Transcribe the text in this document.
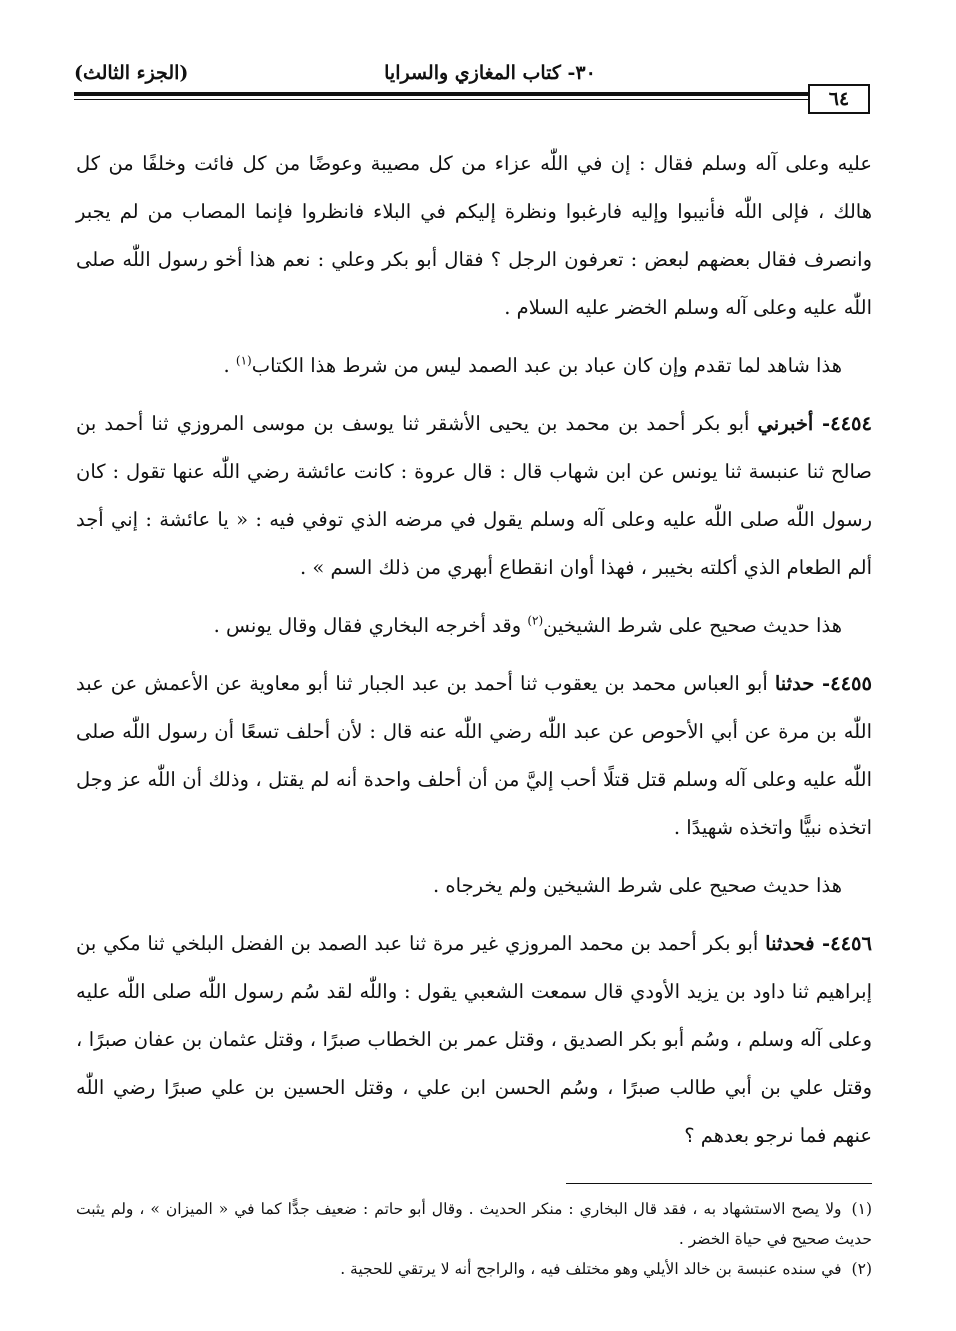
(الجزء الثالث)	٣٠- كتاب المغازي والسرايا
٦٤

عليه وعلى آله وسلم فقال : إن في اللّٰه عزاء من كل مصيبة وعوضًا من كل فائت وخلفًا من كل هالك ، فإلى اللّٰه فأنيبوا وإليه فارغبوا ونظرة إليكم في البلاء فانظروا فإنما المصاب من لم يجبر وانصرف فقال بعضهم لبعض : تعرفون الرجل ؟ فقال أبو بكر وعلي : نعم هذا أخو رسول اللّٰه صلى اللّٰه عليه وعلى آله وسلم الخضر عليه السلام .

هذا شاهد لما تقدم وإن كان عباد بن عبد الصمد ليس من شرط هذا الكتاب$^{(١)}$ .

٤٤٥٤- أخبرني أبو بكر أحمد بن محمد بن يحيى الأشقر ثنا يوسف بن موسى المروزي ثنا أحمد بن صالح ثنا عنبسة ثنا يونس عن ابن شهاب قال : قال عروة : كانت عائشة رضي اللّٰه عنها تقول : كان رسول اللّٰه صلى اللّٰه عليه وعلى آله وسلم يقول في مرضه الذي توفي فيه : « يا عائشة : إني أجد ألم الطعام الذي أكلته بخيبر ، فهذا أوان انقطاع أبهري من ذلك السم » .

هذا حديث صحيح على شرط الشيخين$^{(٢)}$ وقد أخرجه البخاري فقال وقال يونس .

٤٤٥٥- حدثنا أبو العباس محمد بن يعقوب ثنا أحمد بن عبد الجبار ثنا أبو معاوية عن الأعمش عن عبد اللّٰه بن مرة عن أبي الأحوص عن عبد اللّٰه رضي اللّٰه عنه قال : لأن أحلف تسعًا أن رسول اللّٰه صلى اللّٰه عليه وعلى آله وسلم قتل قتلًا أحب إليَّ من أن أحلف واحدة أنه لم يقتل ، وذلك أن اللّٰه عز وجل اتخذه نبيًّا واتخذه شهيدًا .

هذا حديث صحيح على شرط الشيخين ولم يخرجاه .

٤٤٥٦- فحدثنا أبو بكر أحمد بن محمد المروزي غير مرة ثنا عبد الصمد بن الفضل البلخي ثنا مكي بن إبراهيم ثنا داود بن يزيد الأودي قال سمعت الشعبي يقول : واللّٰه لقد سُم رسول اللّٰه صلى اللّٰه عليه وعلى آله وسلم ، وسُم أبو بكر الصديق ، وقتل عمر بن الخطاب صبرًا ، وقتل عثمان بن عفان صبرًا ، وقتل علي بن أبي طالب صبرًا ، وسُم الحسن ابن علي ، وقتل الحسين بن علي صبرًا رضي اللّٰه عنهم فما نرجو بعدهم ؟

(١)ولا يصح الاستشهاد به ، فقد قال البخاري : منكر الحديث . وقال أبو حاتم : ضعيف جدًّا كما في « الميزان » ، ولم يثبت حديث صحيح في حياة الخضر .

(٢)في سنده عنبسة بن خالد الأيلي وهو مختلف فيه ، والراجح أنه لا يرتقي للحجية .
